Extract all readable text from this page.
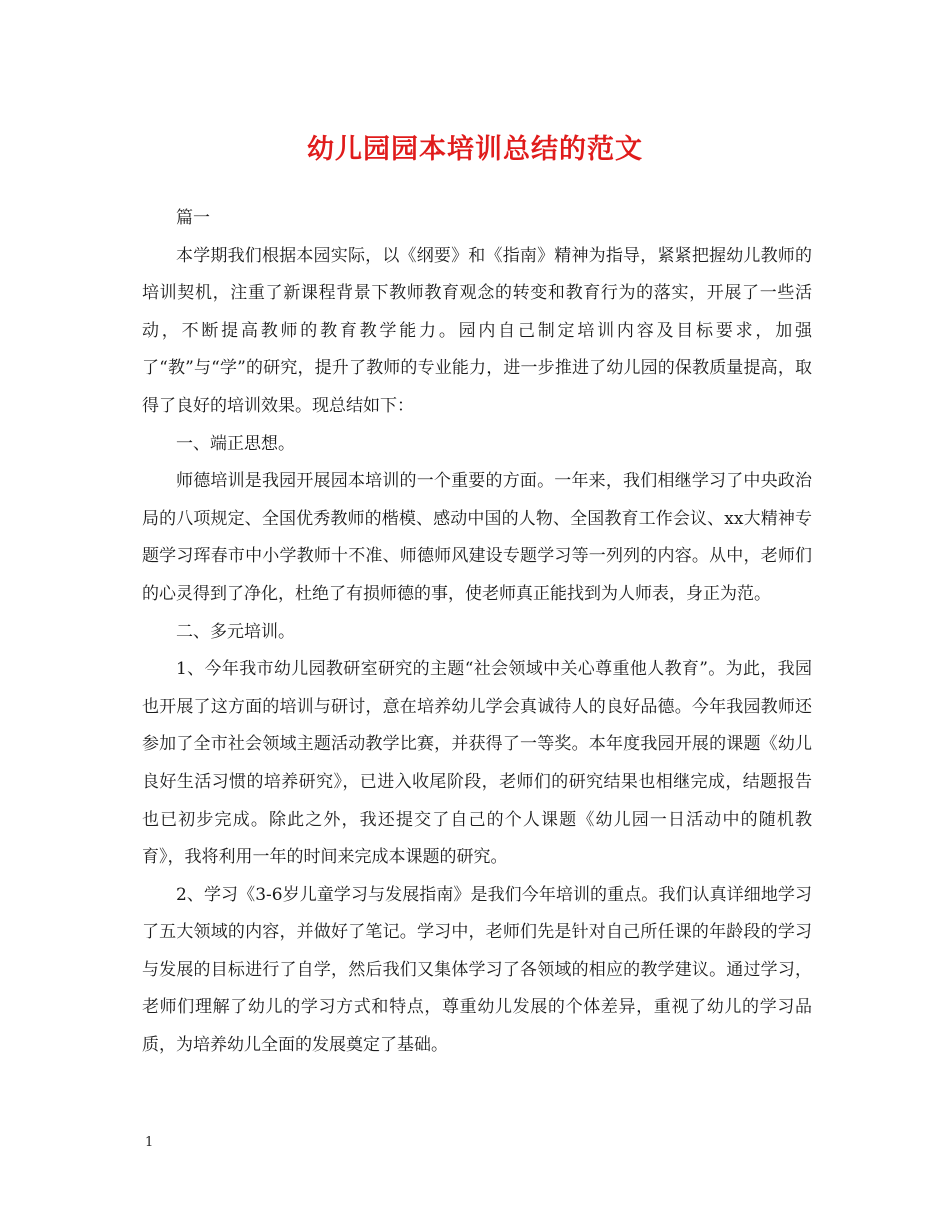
幼儿园园本培训总结的范文

篇一

本学期我们根据本园实际，以《纲要》和《指南》精神为指导，紧紧把握幼儿教师的培训契机，注重了新课程背景下教师教育观念的转变和教育行为的落实，开展了一些活动，不断提高教师的教育教学能力。园内自己制定培训内容及目标要求，加强了“教”与“学”的研究，提升了教师的专业能力，进一步推进了幼儿园的保教质量提高，取得了良好的培训效果。现总结如下：

一、端正思想。

师德培训是我园开展园本培训的一个重要的方面。一年来，我们相继学习了中央政治局的八项规定、全国优秀教师的楷模、感动中国的人物、全国教育工作会议、xx大精神专题学习珲春市中小学教师十不准、师德师风建设专题学习等一列列的内容。从中，老师们的心灵得到了净化，杜绝了有损师德的事，使老师真正能找到为人师表，身正为范。

二、多元培训。

1、今年我市幼儿园教研室研究的主题“社会领域中关心尊重他人教育”。为此，我园也开展了这方面的培训与研讨，意在培养幼儿学会真诚待人的良好品德。今年我园教师还参加了全市社会领域主题活动教学比赛，并获得了一等奖。本年度我园开展的课题《幼儿良好生活习惯的培养研究》，已进入收尾阶段，老师们的研究结果也相继完成，结题报告也已初步完成。除此之外，我还提交了自己的个人课题《幼儿园一日活动中的随机教育》，我将利用一年的时间来完成本课题的研究。

2、学习《3-6岁儿童学习与发展指南》是我们今年培训的重点。我们认真详细地学习了五大领域的内容，并做好了笔记。学习中，老师们先是针对自己所任课的年龄段的学习与发展的目标进行了自学，然后我们又集体学习了各领域的相应的教学建议。通过学习，老师们理解了幼儿的学习方式和特点，尊重幼儿发展的个体差异，重视了幼儿的学习品质，为培养幼儿全面的发展奠定了基础。

1
